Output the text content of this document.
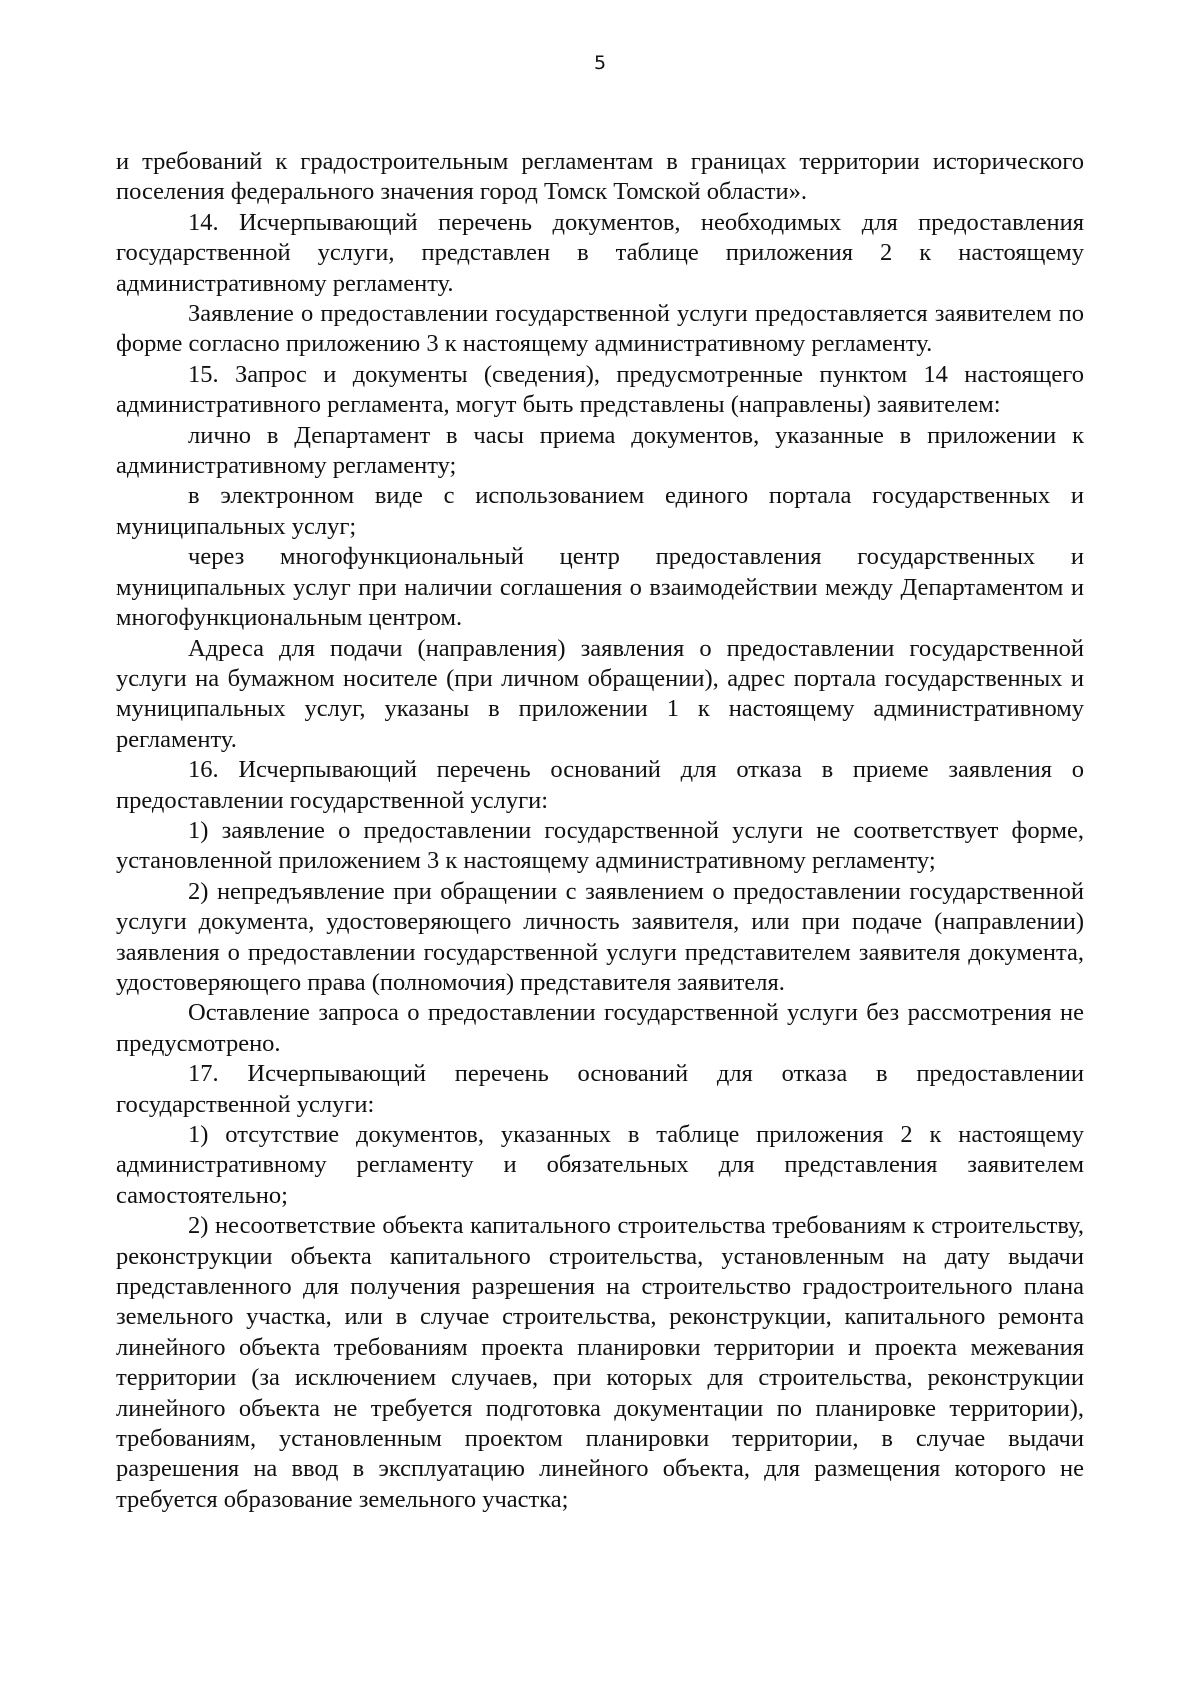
5

и требований к градостроительным регламентам в границах территории исторического поселения федерального значения город Томск Томской области».

14. Исчерпывающий перечень документов, необходимых для предоставления государственной услуги, представлен в таблице приложения 2 к настоящему административному регламенту.

Заявление о предоставлении государственной услуги предоставляется заявителем по форме согласно приложению 3 к настоящему административному регламенту.

15. Запрос и документы (сведения), предусмотренные пунктом 14 настоящего административного регламента, могут быть представлены (направлены) заявителем:

лично в Департамент в часы приема документов, указанные в приложении к административному регламенту;

в электронном виде с использованием единого портала государственных и муниципальных услуг;

через многофункциональный центр предоставления государственных и муниципальных услуг при наличии соглашения о взаимодействии между Департаментом и многофункциональным центром.

Адреса для подачи (направления) заявления о предоставлении государственной услуги на бумажном носителе (при личном обращении), адрес портала государственных и муниципальных услуг, указаны в приложении 1 к настоящему административному регламенту.

16. Исчерпывающий перечень оснований для отказа в приеме заявления о предоставлении государственной услуги:

1) заявление о предоставлении государственной услуги не соответствует форме, установленной приложением 3 к настоящему административному регламенту;

2) непредъявление при обращении с заявлением о предоставлении государственной услуги документа, удостоверяющего личность заявителя, или при подаче (направлении) заявления о предоставлении государственной услуги представителем заявителя документа, удостоверяющего права (полномочия) представителя заявителя.

Оставление запроса о предоставлении государственной услуги без рассмотрения не предусмотрено.

17. Исчерпывающий перечень оснований для отказа в предоставлении государственной услуги:

1) отсутствие документов, указанных в таблице приложения 2 к настоящему административному регламенту и обязательных для представления заявителем самостоятельно;

2) несоответствие объекта капитального строительства требованиям к строительству, реконструкции объекта капитального строительства, установленным на дату выдачи представленного для получения разрешения на строительство градостроительного плана земельного участка, или в случае строительства, реконструкции, капитального ремонта линейного объекта требованиям проекта планировки территории и проекта межевания территории (за исключением случаев, при которых для строительства, реконструкции линейного объекта не требуется подготовка документации по планировке территории), требованиям, установленным проектом планировки территории, в случае выдачи разрешения на ввод в эксплуатацию линейного объекта, для размещения которого не требуется образование земельного участка;
